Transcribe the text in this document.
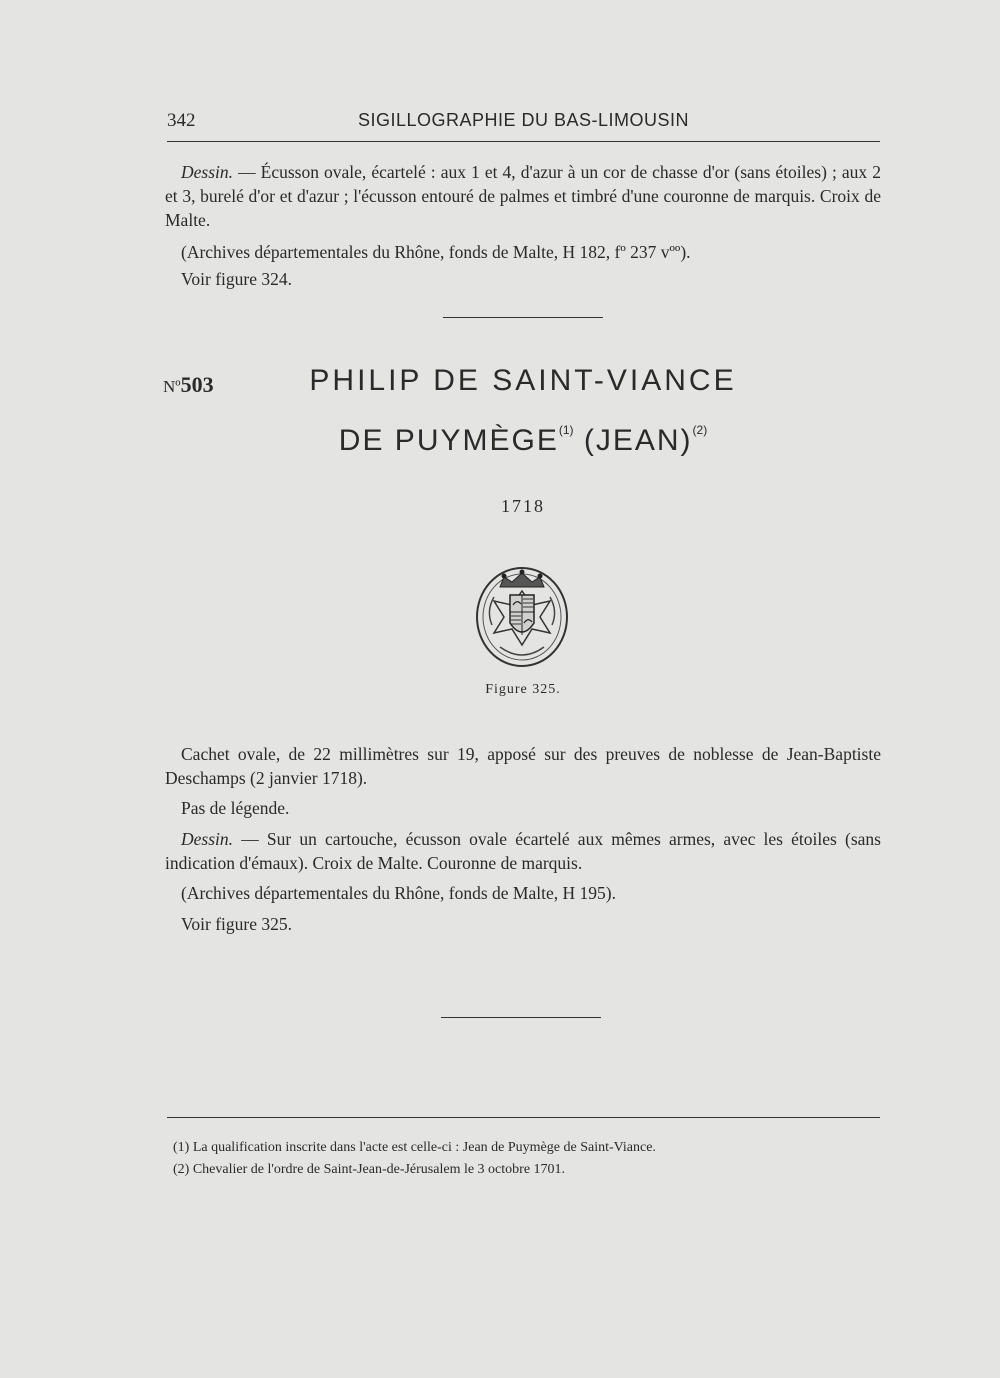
342	SIGILLOGRAPHIE DU BAS-LIMOUSIN
Dessin. — Écusson ovale, écartelé : aux 1 et 4, d'azur à un cor de chasse d'or (sans étoiles) ; aux 2 et 3, burelé d'or et d'azur ; l'écusson entouré de palmes et timbré d'une couronne de marquis. Croix de Malte.
(Archives départementales du Rhône, fonds de Malte, H 182, fº 237 vºº).
Voir figure 324.
Nº503	PHILIP DE SAINT-VIANCE
DE PUYMÈGE$^{(1)}$ (JEAN)$^{(2)}$
1718
Figure 325.
Cachet ovale, de 22 millimètres sur 19, apposé sur des preuves de noblesse de Jean-Baptiste Deschamps (2 janvier 1718).
Pas de légende.
Dessin. — Sur un cartouche, écusson ovale écartelé aux mêmes armes, avec les étoiles (sans indication d'émaux). Croix de Malte. Couronne de marquis.
(Archives départementales du Rhône, fonds de Malte, H 195).
Voir figure 325.
(1) La qualification inscrite dans l'acte est celle-ci : Jean de Puymège de Saint-Viance.
(2) Chevalier de l'ordre de Saint-Jean-de-Jérusalem le 3 octobre 1701.
